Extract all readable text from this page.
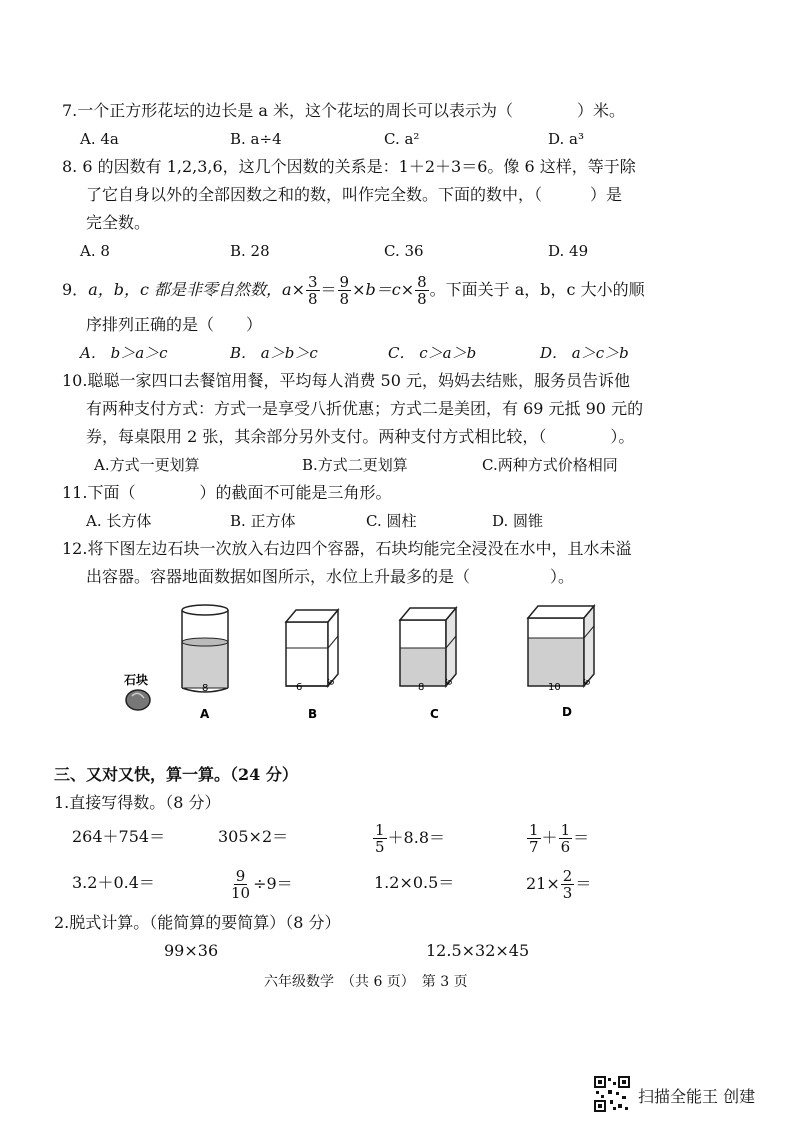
7.一个正方形花坛的边长是 a 米，这个花坛的周长可以表示为（　　　　）米。
A. 4a	B. a÷4	C. a²	D. a³
8. 6 的因数有 1,2,3,6，这几个因数的关系是：1＋2＋3＝6。像 6 这样，等于除
了它自身以外的全部因数之和的数，叫作完全数。下面的数中，（　　　）是
完全数。
A. 8	B. 28	C. 36	D. 49
9．a，b，c 都是非零自然数，$a\times \frac{3}{8} = \frac{9}{8} \times b=c\times \frac{8}{8}$ 。下面关于 a，b，c 大小的顺
序排列正确的是（　　）
A． b＞a＞c	B． a＞b＞c	C． c＞a＞b	D． a＞c＞b
10.聪聪一家四口去餐馆用餐，平均每人消费 50 元，妈妈去结账，服务员告诉他
有两种支付方式：方式一是享受八折优惠；方式二是美团，有 69 元抵 90 元的
券，每桌限用 2 张，其余部分另外支付。两种支付方式相比较，（　　　　）。
A.方式一更划算	B.方式二更划算	C.两种方式价格相同
11.下面（　　　　）的截面不可能是三角形。
A. 长方体	B. 正方体	C. 圆柱	D. 圆锥
12.将下图左边石块一次放入右边四个容器，石块均能完全浸没在水中，且水未溢
出容器。容器地面数据如图所示，水位上升最多的是（　　　　　）。
石块
8
A
6	6
B
8 6
C
10 6
D
三、又对又快，算一算。（24 分）
1.直接写得数。（8 分）
264＋754＝	305×2＝	$\frac{1}{5} +8.8=$	$\frac{1}{7} + \frac{1}{6}$ ＝
3.2＋0.4＝	$\frac{9}{10} \div 9=$	1.2×0.5＝	$21\times \frac{2}{3}$ ＝
2.脱式计算。（能简算的要简算）（8 分）
99×36	12.5×32×45
六年级数学　（共 6 页）　第 3 页
扫描全能王 创建
